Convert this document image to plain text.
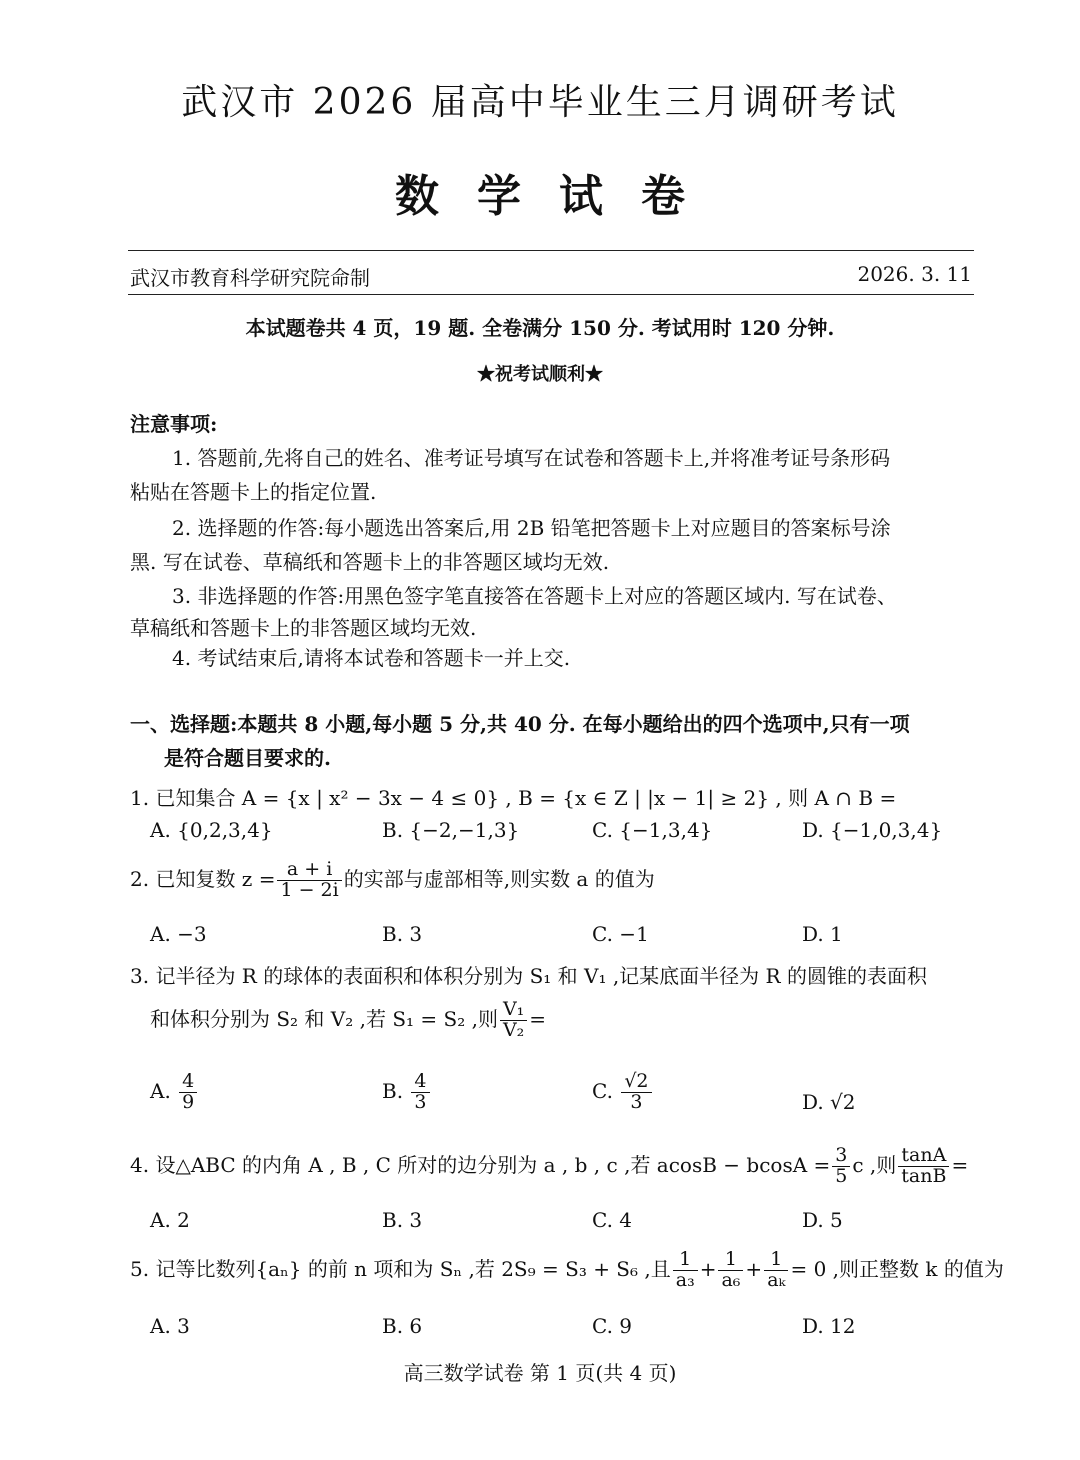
武汉市 2026 届高中毕业生三月调研考试
数学试卷
武汉市教育科学研究院命制	2026. 3. 11
本试题卷共 4 页，19 题. 全卷满分 150 分. 考试用时 120 分钟.
★祝考试顺利★
注意事项:
1. 答题前,先将自己的姓名、准考证号填写在试卷和答题卡上,并将准考证号条形码
粘贴在答题卡上的指定位置.
2. 选择题的作答:每小题选出答案后,用 2B 铅笔把答题卡上对应题目的答案标号涂
黑. 写在试卷、草稿纸和答题卡上的非答题区域均无效.
3. 非选择题的作答:用黑色签字笔直接答在答题卡上对应的答题区域内. 写在试卷、
草稿纸和答题卡上的非答题区域均无效.
4. 考试结束后,请将本试卷和答题卡一并上交.
一、选择题:本题共 8 小题,每小题 5 分,共 40 分. 在每小题给出的四个选项中,只有一项
是符合题目要求的.
1. 已知集合 A = {x | x² − 3x − 4 ≤ 0} , B = {x ∈ Z | |x − 1| ≥ 2} , 则 A ∩ B =
A. {0,2,3,4}	B. {−2,−1,3}	C. {−1,3,4}	D. {−1,0,3,4}
2. 已知复数 $z = \frac{a + i}{1 - 2i}$ 的实部与虚部相等,则实数 a 的值为
A. −3	B. 3	C. −1	D. 1
3. 记半径为 R 的球体的表面积和体积分别为 S₁ 和 V₁ ,记某底面半径为 R 的圆锥的表面积
和体积分别为 S₂ 和 V₂ ,若 S₁ = S₂ ,则 $\frac{\text{V₁}}{\text{V₂}}$ =
A. $\frac{4}{9}$	B. $\frac{4}{3}$	C. $\frac{√2}{3}$	D. √2
4. 设△ABC 的内角 A , B , C 所对的边分别为 a , b , c ,若 $acosB - bcosA = \frac{3}{5}$ c ,则 $\frac{\tan A}{\tan B}$ =
A. 2	B. 3	C. 4	D. 5
5. 记等比数列{aₙ} 的前 n 项和为 Sₙ ,若 2S₉ = S₃ + S₆ ,且 $\frac{1}{\text{a₃}} + \frac{1}{\text{a₆}} + \frac{1}{\text{aₖ}} = 0$ ,则正整数 k 的值为
A. 3	B. 6	C. 9	D. 12
高三数学试卷 第 1 页(共 4 页)
